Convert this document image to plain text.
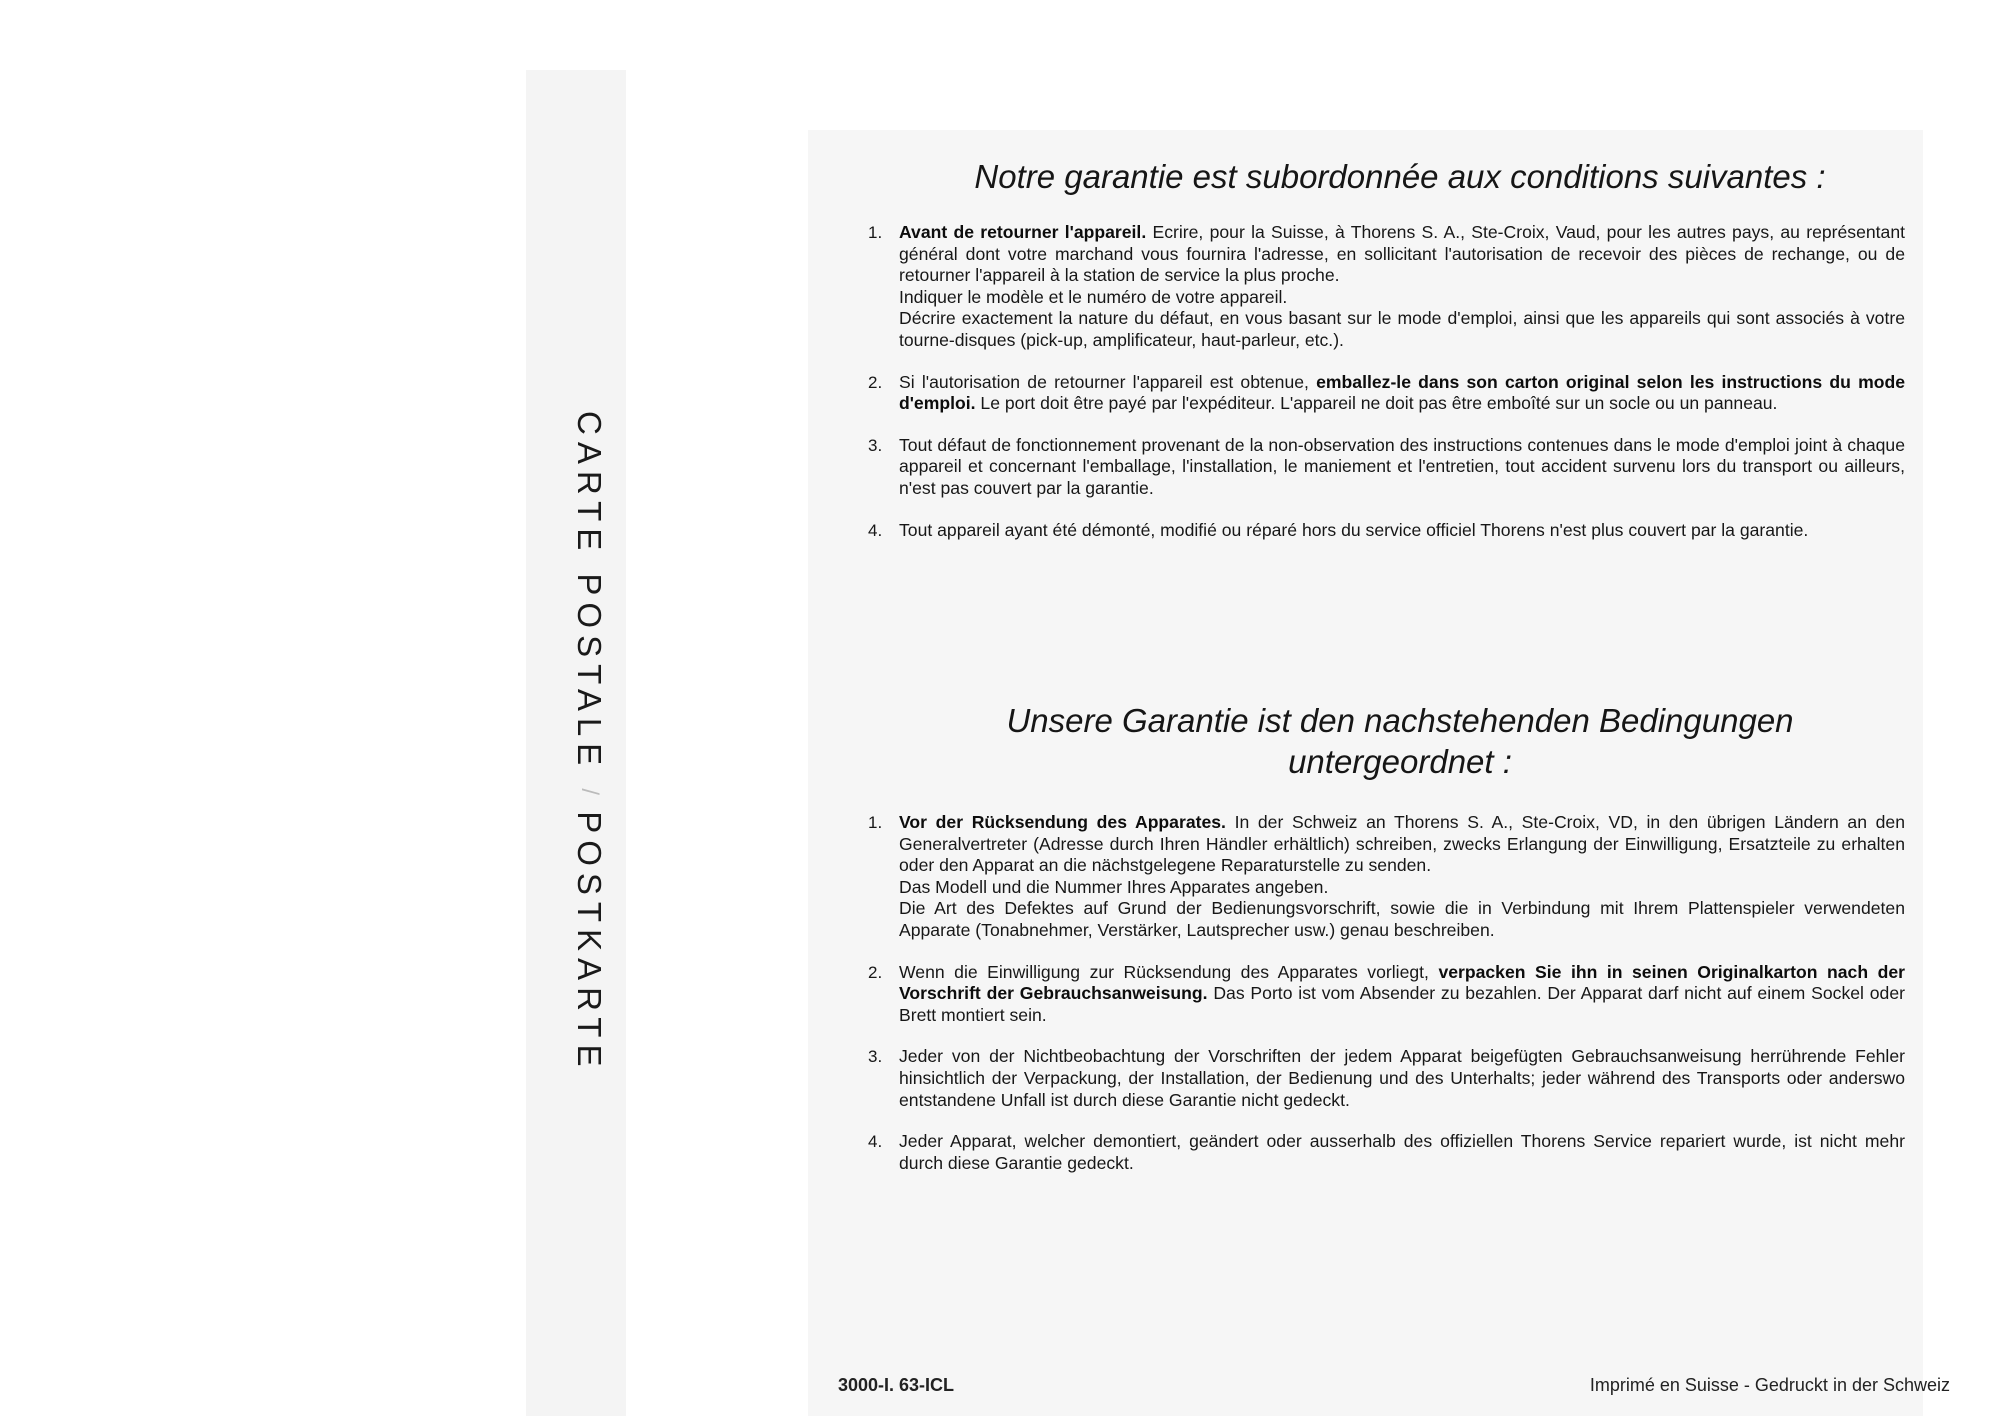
CARTE POSTALE / POSTKARTE
Notre garantie est subordonnée aux conditions suivantes :
1. Avant de retourner l'appareil. Ecrire, pour la Suisse, à Thorens S. A., Ste-Croix, Vaud, pour les autres pays, au représentant général dont votre marchand vous fournira l'adresse, en sollicitant l'autorisation de recevoir des pièces de rechange, ou de retourner l'appareil à la station de service la plus proche.
Indiquer le modèle et le numéro de votre appareil.
Décrire exactement la nature du défaut, en vous basant sur le mode d'emploi, ainsi que les appareils qui sont associés à votre tourne-disques (pick-up, amplificateur, haut-parleur, etc.).
2. Si l'autorisation de retourner l'appareil est obtenue, emballez-le dans son carton original selon les instructions du mode d'emploi. Le port doit être payé par l'expéditeur. L'appareil ne doit pas être emboîté sur un socle ou un panneau.
3. Tout défaut de fonctionnement provenant de la non-observation des instructions contenues dans le mode d'emploi joint à chaque appareil et concernant l'emballage, l'installation, le maniement et l'entretien, tout accident survenu lors du transport ou ailleurs, n'est pas couvert par la garantie.
4. Tout appareil ayant été démonté, modifié ou réparé hors du service officiel Thorens n'est plus couvert par la garantie.
Unsere Garantie ist den nachstehenden Bedingungen
untergeordnet :
1. Vor der Rücksendung des Apparates. In der Schweiz an Thorens S. A., Ste-Croix, VD, in den übrigen Ländern an den Generalvertreter (Adresse durch Ihren Händler erhältlich) schreiben, zwecks Erlangung der Einwilligung, Ersatzteile zu erhalten oder den Apparat an die nächstgelegene Reparaturstelle zu senden.
Das Modell und die Nummer Ihres Apparates angeben.
Die Art des Defektes auf Grund der Bedienungsvorschrift, sowie die in Verbindung mit Ihrem Plattenspieler verwendeten Apparate (Tonabnehmer, Verstärker, Lautsprecher usw.) genau beschreiben.
2. Wenn die Einwilligung zur Rücksendung des Apparates vorliegt, verpacken Sie ihn in seinen Originalkarton nach der Vorschrift der Gebrauchsanweisung. Das Porto ist vom Absender zu bezahlen. Der Apparat darf nicht auf einem Sockel oder Brett montiert sein.
3. Jeder von der Nichtbeobachtung der Vorschriften der jedem Apparat beigefügten Gebrauchsanweisung herrührende Fehler hinsichtlich der Verpackung, der Installation, der Bedienung und des Unterhalts; jeder während des Transports oder anderswo entstandene Unfall ist durch diese Garantie nicht gedeckt.
4. Jeder Apparat, welcher demontiert, geändert oder ausserhalb des offiziellen Thorens Service repariert wurde, ist nicht mehr durch diese Garantie gedeckt.
3000-I. 63-ICL	Imprimé en Suisse - Gedruckt in der Schweiz
